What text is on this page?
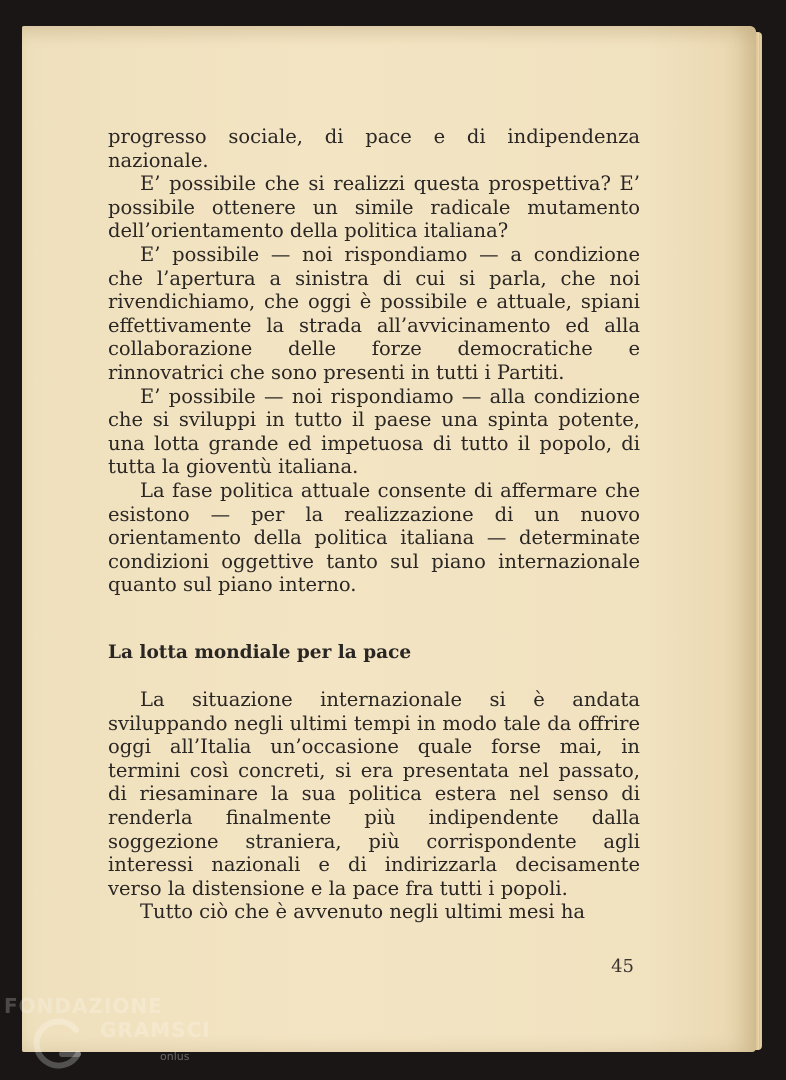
progresso sociale, di pace e di indipendenza nazionale.

E’ possibile che si realizzi questa prospettiva? E’ possibile ottenere un simile radicale mutamento dell’orientamento della politica italiana?

E’ possibile — noi rispondiamo — a condizione che l’apertura a sinistra di cui si parla, che noi rivendichiamo, che oggi è possibile e attuale, spiani effettivamente la strada all’avvicinamento ed alla collaborazione delle forze democratiche e rinnovatrici che sono presenti in tutti i Partiti.

E’ possibile — noi rispondiamo — alla condizione che si sviluppi in tutto il paese una spinta potente, una lotta grande ed impetuosa di tutto il popolo, di tutta la gioventù italiana.

La fase politica attuale consente di affermare che esistono — per la realizzazione di un nuovo orientamento della politica italiana — determinate condizioni oggettive tanto sul piano internazionale quanto sul piano interno.

La lotta mondiale per la pace

La situazione internazionale si è andata sviluppando negli ultimi tempi in modo tale da offrire oggi all’Italia un’occasione quale forse mai, in termini così concreti, si era presentata nel passato, di riesaminare la sua politica estera nel senso di renderla finalmente più indipendente dalla soggezione straniera, più corrispondente agli interessi nazionali e di indirizzarla decisamente verso la distensione e la pace fra tutti i popoli.

Tutto ciò che è avvenuto negli ultimi mesi ha

45
FONDAZIONE
GRAMSCI
onlus
